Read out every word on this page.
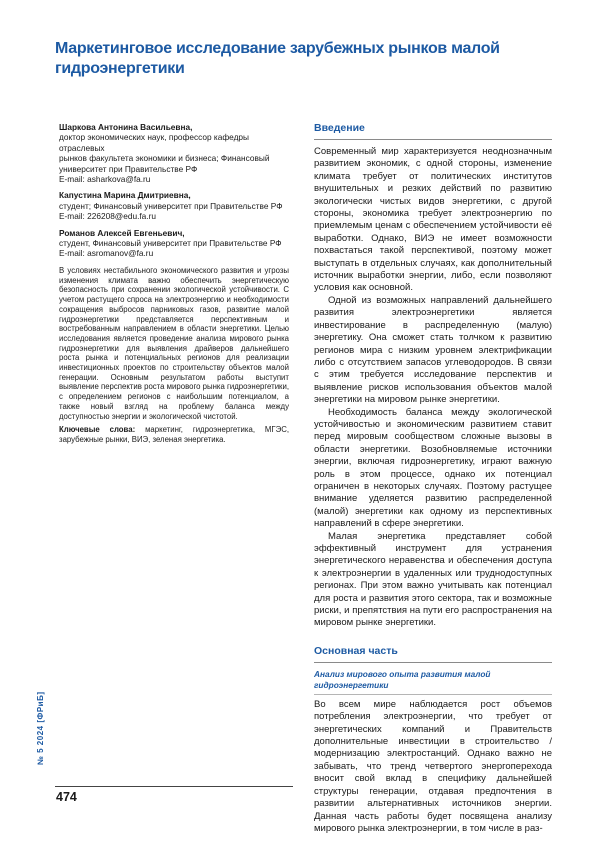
Маркетинговое исследование зарубежных рынков малой гидроэнергетики
Шаркова Антонина Васильевна,
доктор экономических наук, профессор кафедры отраслевых
рынков факультета экономики и бизнеса; Финансовый
университет при Правительстве РФ
E-mail: asharkova@fa.ru
Капустина Марина Дмитриевна,
студент; Финансовый университет при Правительстве РФ
E-mail: 226208@edu.fa.ru
Романов Алексей Евгеньевич,
студент, Финансовый университет при Правительстве РФ
E-mail: asromanov@fa.ru
В условиях нестабильного экономического развития и угрозы изменения климата важно обеспечить энергетическую безопасность при сохранении экологической устойчивости. С учетом растущего спроса на электроэнергию и необходимости сокращения выбросов парниковых газов, развитие малой гидроэнергетики представляется перспективным и востребованным направлением в области энергетики. Целью исследования является проведение анализа мирового рынка гидроэнергетики для выявления драйверов дальнейшего роста рынка и потенциальных регионов для реализации инвестиционных проектов по строительству объектов малой генерации. Основным результатом работы выступит выявление перспектив роста мирового рынка гидроэнергетики, с определением регионов с наибольшим потенциалом, а также новый взгляд на проблему баланса между доступностью энергии и экологической чистотой.
Ключевые слова: маркетинг, гидроэнергетика, МГЭС, зарубежные рынки, ВИЭ, зеленая энергетика.
Введение
Современный мир характеризуется неоднозначным развитием экономик, с одной стороны, изменение климата требует от политических институтов внушительных и резких действий по развитию экологически чистых видов энергетики, с другой стороны, экономика требует электроэнергию по приемлемым ценам с обеспечением устойчивости её выработки. Однако, ВИЭ не имеет возможности похвастаться такой перспективой, поэтому может выступать в отдельных случаях, как дополнительный источник выработки энергии, либо, если позволяют условия как основной.
Одной из возможных направлений дальнейшего развития электроэнергетики является инвестирование в распределенную (малую) энергетику. Она сможет стать толчком к развитию регионов мира с низким уровнем электрификации либо с отсутствием запасов углеводородов. В связи с этим требуется исследование перспектив и выявление рисков использования объектов малой энергетики на мировом рынке энергетики.
Необходимость баланса между экологической устойчивостью и экономическим развитием ставит перед мировым сообществом сложные вызовы в области энергетики. Возобновляемые источники энергии, включая гидроэнергетику, играют важную роль в этом процессе, однако их потенциал ограничен в некоторых случаях. Поэтому растущее внимание уделяется развитию распределенной (малой) энергетики как одному из перспективных направлений в сфере энергетики.
Малая энергетика представляет собой эффективный инструмент для устранения энергетического неравенства и обеспечения доступа к электроэнергии в удаленных или труднодоступных регионах. При этом важно учитывать как потенциал для роста и развития этого сектора, так и возможные риски, и препятствия на пути его распространения на мировом рынке энергетики.
Основная часть
Анализ мирового опыта развития малой гидроэнергетики
Во всем мире наблюдается рост объемов потребления электроэнергии, что требует от энергетических компаний и Правительств дополнительные инвестиции в строительство / модернизацию электростанций. Однако важно не забывать, что тренд четвертого энергоперехода вносит свой вклад в специфику дальнейшей структуры генерации, отдавая предпочтения в развитии альтернативных источников энергии. Данная часть работы будет посвящена анализу мирового рынка электроэнергии, в том числе в раз-
№ 5 2024 [ФРиБ]
474
